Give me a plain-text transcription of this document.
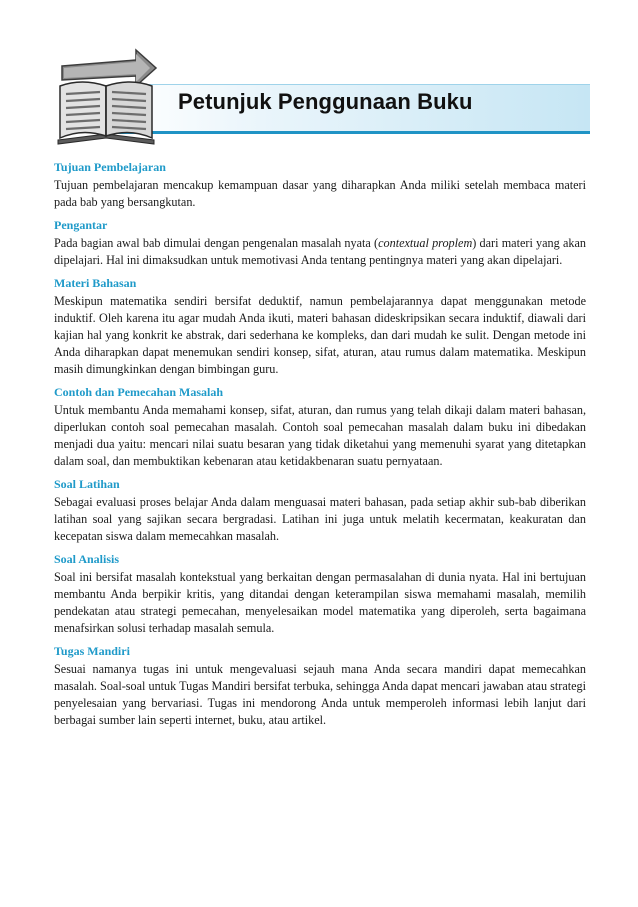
Petunjuk Penggunaan Buku
Tujuan Pembelajaran

Tujuan pembelajaran mencakup kemampuan dasar yang diharapkan Anda miliki setelah membaca materi pada bab yang bersangkutan.

Pengantar

Pada bagian awal bab dimulai dengan pengenalan masalah nyata (contextual proplem) dari materi yang akan dipelajari. Hal ini dimaksudkan untuk memotivasi Anda tentang pentingnya materi yang akan dipelajari.

Materi Bahasan

Meskipun matematika sendiri bersifat deduktif, namun pembelajarannya dapat menggunakan metode induktif. Oleh karena itu agar mudah Anda ikuti, materi bahasan dideskripsikan secara induktif, diawali dari kajian hal yang konkrit ke abstrak, dari sederhana ke kompleks, dan dari mudah ke sulit. Dengan metode ini Anda diharapkan dapat menemukan sendiri konsep, sifat, aturan, atau rumus dalam matematika. Meskipun masih dimungkinkan dengan bimbingan guru.

Contoh dan Pemecahan Masalah

Untuk membantu Anda memahami konsep, sifat, aturan, dan rumus yang telah dikaji dalam materi bahasan, diperlukan contoh soal pemecahan masalah. Contoh soal pemecahan masalah dalam buku ini dibedakan menjadi dua yaitu: mencari nilai suatu besaran yang tidak diketahui yang memenuhi syarat yang ditetapkan dalam soal, dan membuktikan kebenaran atau ketidakbenaran suatu pernyataan.

Soal Latihan

Sebagai evaluasi proses belajar Anda dalam menguasai materi bahasan, pada setiap akhir sub-bab diberikan latihan soal yang sajikan secara bergradasi. Latihan ini juga untuk melatih kecermatan, keakuratan dan kecepatan siswa dalam memecahkan masalah.

Soal Analisis

Soal ini bersifat masalah kontekstual yang berkaitan dengan permasalahan di dunia nyata. Hal ini bertujuan membantu Anda berpikir kritis, yang ditandai dengan keterampilan siswa memahami masalah, memilih pendekatan atau strategi pemecahan, menyelesaikan model matematika yang diperoleh, serta bagaimana menafsirkan solusi terhadap masalah semula.

Tugas Mandiri

Sesuai namanya tugas ini untuk mengevaluasi sejauh mana Anda secara mandiri dapat memecahkan masalah. Soal-soal untuk Tugas Mandiri bersifat terbuka, sehingga Anda dapat mencari jawaban atau strategi penyelesaian yang bervariasi. Tugas ini mendorong Anda untuk memperoleh informasi lebih lanjut dari berbagai sumber lain seperti internet, buku, atau artikel.
